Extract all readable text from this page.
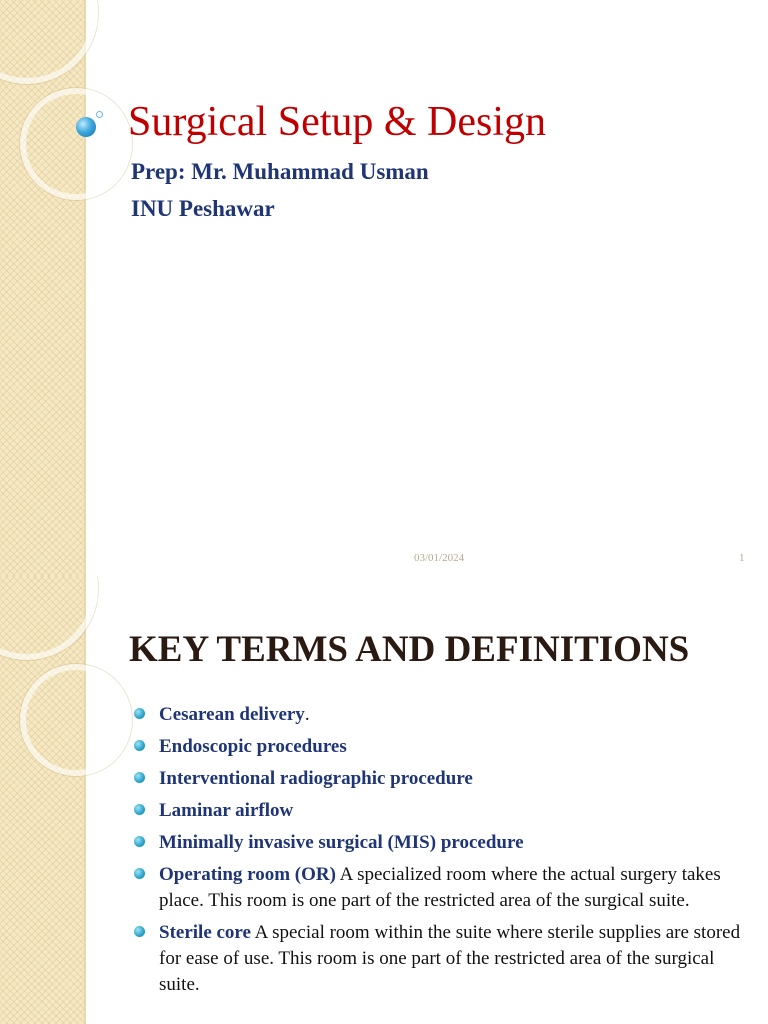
Surgical Setup & Design
Prep: Mr. Muhammad Usman
INU Peshawar
03/01/2024	1
KEY TERMS AND DEFINITIONS
Cesarean delivery.
Endoscopic procedures
Interventional radiographic procedure
Laminar airflow
Minimally invasive surgical (MIS) procedure
Operating room (OR) A specialized room where the actual surgery takes place. This room is one part of the restricted area of the surgical suite.
Sterile core A special room within the suite where sterile supplies are stored for ease of use. This room is one part of the restricted area of the surgical suite.
